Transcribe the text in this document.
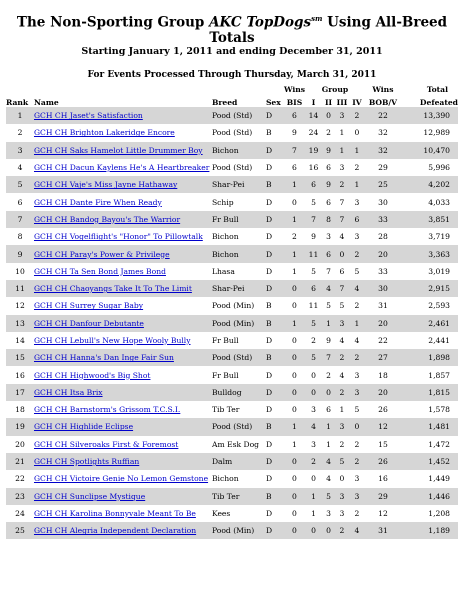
The Non-Sporting Group AKC TopDogs$^{sm}$ Using All-Breed Totals
Starting January 1, 2011 and ending December 31, 2011
For Events Processed Through Thursday, March 31, 2011
				Wins	Group				Wins	Total
Rank	Name	Breed	Sex	BIS	I	II	III	IV	BOB/V	Defeated
1	GCH CH Jaset's Satisfaction	Pood (Std)	D	6	14	0	3	2	22	13,390
2	GCH CH Brighton Lakeridge Encore	Pood (Std)	B	9	24	2	1	0	32	12,989
3	GCH CH Saks Hamelot Little Drummer Boy	Bichon	D	7	19	9	1	1	32	10,470
4	GCH CH Dacun Kaylens He's A Heartbreaker	Pood (Std)	D	6	16	6	3	2	29	5,996
5	GCH CH Vaje's Miss Jayne Hathaway	Shar-Pei	B	1	6	9	2	1	25	4,202
6	GCH CH Dante Fire When Ready	Schip	D	0	5	6	7	3	30	4,033
7	GCH CH Bandog Bayou's The Warrior	Fr Bull	D	1	7	8	7	6	33	3,851
8	GCH CH Vogelflight's "Honor" To Pillowtalk	Bichon	D	2	9	3	4	3	28	3,719
9	GCH CH Paray's Power & Privilege	Bichon	D	1	11	6	0	2	20	3,363
10	GCH CH Ta Sen Bond James Bond	Lhasa	D	1	5	7	6	5	33	3,019
11	GCH CH Chaoyangs Take It To The Limit	Shar-Pei	D	0	6	4	7	4	30	2,915
12	GCH CH Surrey Sugar Baby	Pood (Min)	B	0	11	5	5	2	31	2,593
13	GCH CH Danfour Debutante	Pood (Min)	B	1	5	1	3	1	20	2,461
14	GCH CH Lebull's New Hope Wooly Bully	Fr Bull	D	0	2	9	4	4	22	2,441
15	GCH CH Hanna's Dan Inge Fair Sun	Pood (Std)	B	0	5	7	2	2	27	1,898
16	GCH CH Highwood's Big Shot	Fr Bull	D	0	0	2	4	3	18	1,857
17	GCH CH Itsa Brix	Bulldog	D	0	0	0	2	3	20	1,815
18	GCH CH Barnstorm's Grissom T.C.S.I.	Tib Ter	D	0	3	6	1	5	26	1,578
19	GCH CH Highlide Eclipse	Pood (Std)	B	1	4	1	3	0	12	1,481
20	GCH CH Silveroaks First & Foremost	Am Esk Dog	D	1	3	1	2	2	15	1,472
21	GCH CH Spotlights Ruffian	Dalm	D	0	2	4	5	2	26	1,452
22	GCH CH Victoire Genie No Lemon Gemstone	Bichon	D	0	0	4	0	3	16	1,449
23	GCH CH Sunclipse Mystique	Tib Ter	B	0	1	5	3	3	29	1,446
24	GCH CH Karolina Bonnyvale Meant To Be	Kees	D	0	1	3	3	2	12	1,208
25	GCH CH Alegria Independent Declaration	Pood (Min)	D	0	0	0	2	4	31	1,189
